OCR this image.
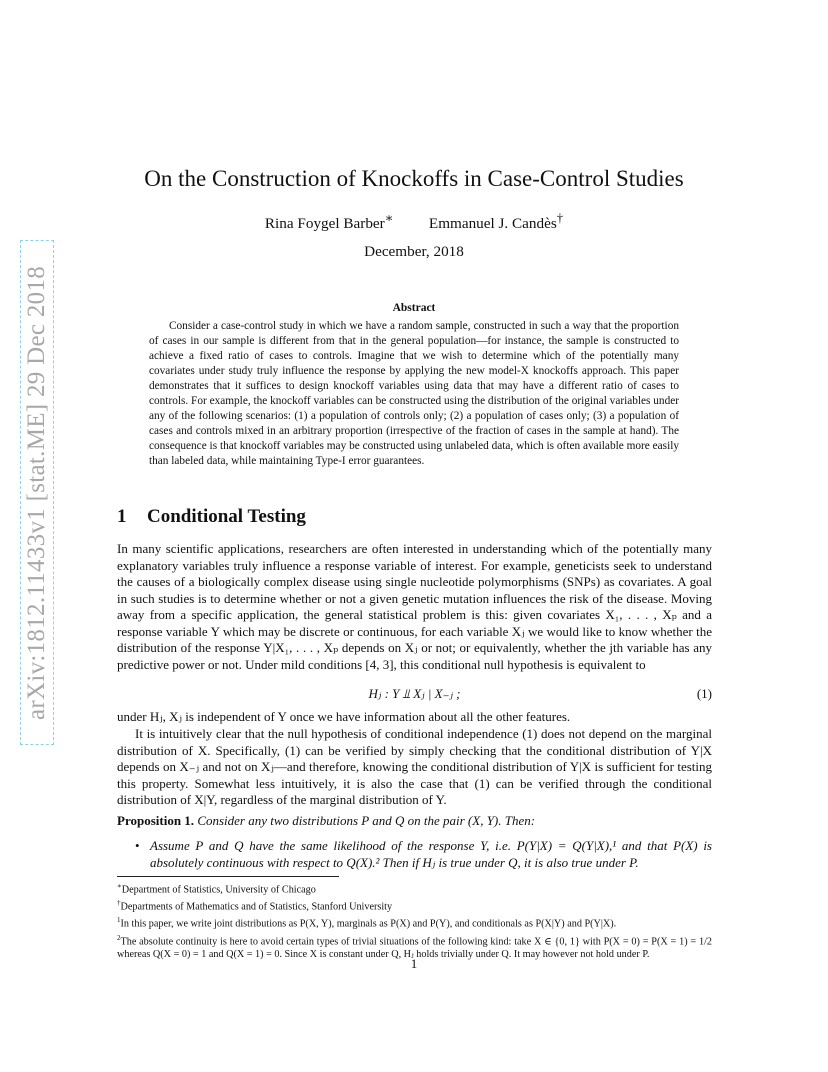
arXiv:1812.11433v1 [stat.ME] 29 Dec 2018
On the Construction of Knockoffs in Case-Control Studies
Rina Foygel Barber∗ Emmanuel J. Candès†
December, 2018
Abstract
Consider a case-control study in which we have a random sample, constructed in such a way that the proportion of cases in our sample is different from that in the general population—for instance, the sample is constructed to achieve a fixed ratio of cases to controls. Imagine that we wish to determine which of the potentially many covariates under study truly influence the response by applying the new model-X knockoffs approach. This paper demonstrates that it suffices to design knockoff variables using data that may have a different ratio of cases to controls. For example, the knockoff variables can be constructed using the distribution of the original variables under any of the following scenarios: (1) a population of controls only; (2) a population of cases only; (3) a population of cases and controls mixed in an arbitrary proportion (irrespective of the fraction of cases in the sample at hand). The consequence is that knockoff variables may be constructed using unlabeled data, which is often available more easily than labeled data, while maintaining Type-I error guarantees.
1 Conditional Testing
In many scientific applications, researchers are often interested in understanding which of the potentially many explanatory variables truly influence a response variable of interest. For example, geneticists seek to understand the causes of a biologically complex disease using single nucleotide polymorphisms (SNPs) as covariates. A goal in such studies is to determine whether or not a given genetic mutation influences the risk of the disease. Moving away from a specific application, the general statistical problem is this: given covariates X₁, . . . , Xₚ and a response variable Y which may be discrete or continuous, for each variable Xⱼ we would like to know whether the distribution of the response Y|X₁, . . . , Xₚ depends on Xⱼ or not; or equivalently, whether the jth variable has any predictive power or not. Under mild conditions [4, 3], this conditional null hypothesis is equivalent to
Hⱼ : Y ⫫ Xⱼ | X₋ⱼ ;	(1)
under Hⱼ, Xⱼ is independent of Y once we have information about all the other features.
It is intuitively clear that the null hypothesis of conditional independence (1) does not depend on the marginal distribution of X. Specifically, (1) can be verified by simply checking that the conditional distribution of Y|X depends on X₋ⱼ and not on Xⱼ—and therefore, knowing the conditional distribution of Y|X is sufficient for testing this property. Somewhat less intuitively, it is also the case that (1) can be verified through the conditional distribution of X|Y, regardless of the marginal distribution of Y.
Proposition 1. Consider any two distributions P and Q on the pair (X, Y). Then:
• Assume P and Q have the same likelihood of the response Y, i.e. P(Y|X) = Q(Y|X),¹ and that P(X) is absolutely continuous with respect to Q(X).² Then if Hⱼ is true under Q, it is also true under P.
∗Department of Statistics, University of Chicago
†Departments of Mathematics and of Statistics, Stanford University
$^1$In this paper, we write joint distributions as P(X, Y), marginals as P(X) and P(Y), and conditionals as P(X|Y) and P(Y|X).
$^2$The absolute continuity is here to avoid certain types of trivial situations of the following kind: take X ∈ {0, 1} with P(X = 0) = P(X = 1) = 1/2 whereas Q(X = 0) = 1 and Q(X = 1) = 0. Since X is constant under Q, Hⱼ holds trivially under Q. It may however not hold under P.
1
